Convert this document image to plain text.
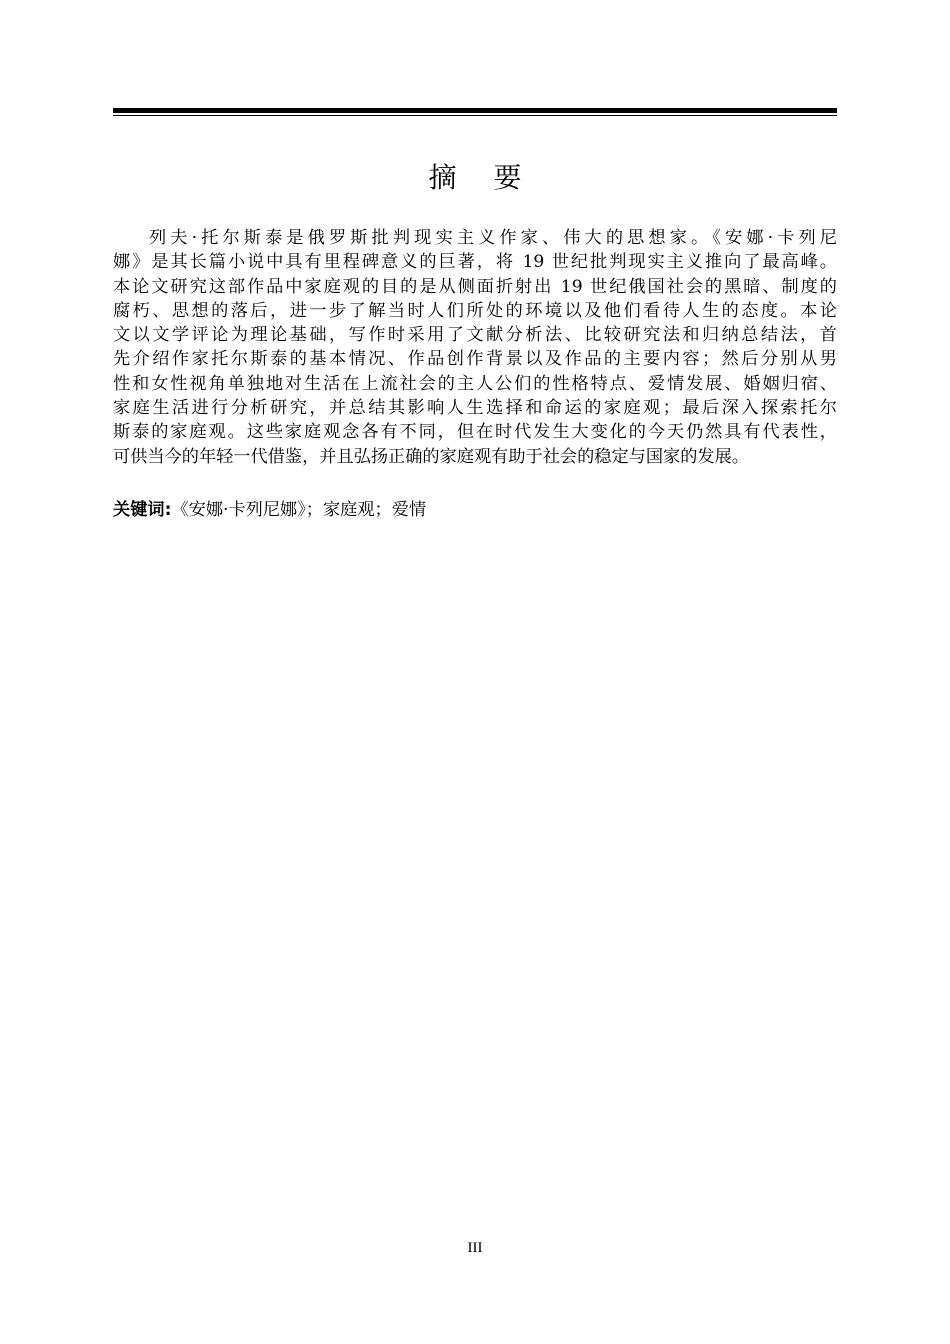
摘 要

列夫·托尔斯泰是俄罗斯批判现实主义作家、伟大的思想家。《安娜·卡列尼
娜》是其长篇小说中具有里程碑意义的巨著，将 19 世纪批判现实主义推向了最高峰。
本论文研究这部作品中家庭观的目的是从侧面折射出 19 世纪俄国社会的黑暗、制度的
腐朽、思想的落后，进一步了解当时人们所处的环境以及他们看待人生的态度。本论
文以文学评论为理论基础，写作时采用了文献分析法、比较研究法和归纳总结法，首
先介绍作家托尔斯泰的基本情况、作品创作背景以及作品的主要内容；然后分别从男
性和女性视角单独地对生活在上流社会的主人公们的性格特点、爱情发展、婚姻归宿、
家庭生活进行分析研究，并总结其影响人生选择和命运的家庭观；最后深入探索托尔
斯泰的家庭观。这些家庭观念各有不同，但在时代发生大变化的今天仍然具有代表性，
可供当今的年轻一代借鉴，并且弘扬正确的家庭观有助于社会的稳定与国家的发展。

关键词:《安娜·卡列尼娜》；家庭观；爱情
III
